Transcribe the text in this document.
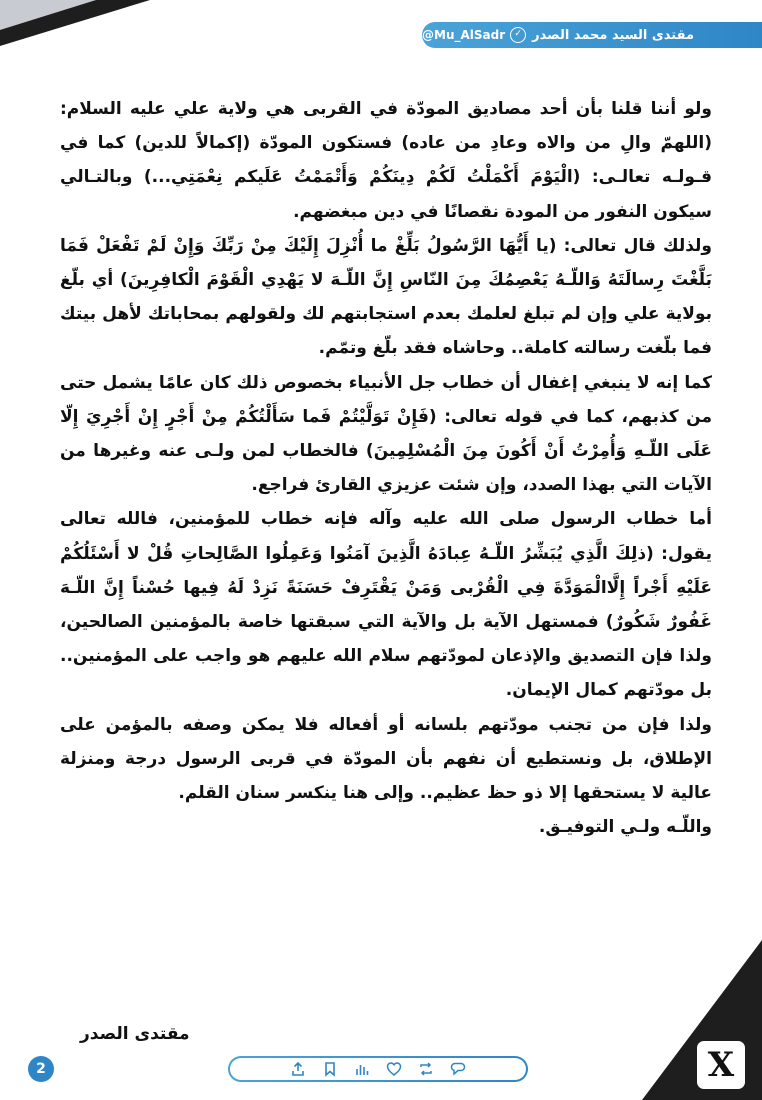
مقتدى السيد محمد الصدر
✓
@Mu_AlSadr

ولو أننا قلنا بأن أحد مصاديق المودّة في القربى هي ولاية علي عليه السلام: (اللهمّ والِ من والاه وعادِ من عاده) فستكون المودّة (إكمالاً للدين) كما في قـولـه تعالـى: (الْيَوْمَ أَكْمَلْتُ لَكُمْ دِينَكُمْ وَأَتْمَمْتُ عَلَيكم نِعْمَتِي...) وبالتـالي سيكون النفور من المودة نقصانًا في دين مبغضهم.

ولذلك قال تعالى: (يا أَيُّهَا الرَّسُولُ بَلِّغْ ما أُنْزِلَ إِلَيْكَ مِنْ رَبِّكَ وَإِنْ لَمْ تَفْعَلْ فَمَا بَلَّغْتَ رِسالَتَهُ وَاللّـهُ يَعْصِمُكَ مِنَ النّاسِ إِنَّ اللّـهَ لا يَهْدِي الْقَوْمَ الْكافِرِينَ) أي بلّغ بولاية علي وإن لم تبلغ لعلمك بعدم استجابتهم لك ولقولهم بمحاباتك لأهل بيتك فما بلّغت رسالته كاملة.. وحاشاه فقد بلّغ وتمّم.

كما إنه لا ينبغي إغفال أن خطاب جل الأنبياء بخصوص ذلك كان عامًا يشمل حتى من كذبهم، كما في قوله تعالى: (فَإِنْ تَوَلَّيْتُمْ فَما سَأَلْتُكُمْ مِنْ أَجْرٍ إِنْ أَجْرِيَ إِلّا عَلَى اللّـهِ وَأُمِرْتُ أَنْ أَكُونَ مِنَ الْمُسْلِمِينَ) فالخطاب لمن ولـى عنه وغيرها من الآيات التي بهذا الصدد، وإن شئت عزيزي القارئ فراجع.

أما خطاب الرسول صلى الله عليه وآله فإنه خطاب للمؤمنين، فالله تعالى يقول: (ذلِكَ الَّذِي يُبَشِّرُ اللّـهُ عِبادَهُ الَّذِينَ آمَنُوا وَعَمِلُوا الصَّالِحاتِ قُلْ لا أَسْئَلُكُمْ عَلَيْهِ أَجْراً إِلَّاالْمَوَدَّةَ فِي الْقُرْبى وَمَنْ يَقْتَرِفْ حَسَنَةً نَزِدْ لَهُ فِيها حُسْناً إِنَّ اللّـهَ غَفُورٌ شَكُورٌ) فمستهل الآية بل والآية التي سبقتها خاصة بالمؤمنين الصالحين، ولذا فإن التصديق والإذعان لمودّتهم سلام الله عليهم هو واجب على المؤمنين.. بل مودّتهم كمال الإيمان.

ولذا فإن من تجنب مودّتهم بلسانه أو أفعاله فلا يمكن وصفه بالمؤمن على الإطلاق، بل ونستطيع أن نفهم بأن المودّة في قربى الرسول درجة ومنزلة عالية لا يستحقها إلا ذو حظ عظيم.. وإلى هنا ينكسر سنان القلم.

واللّـه ولـي التوفيـق.

مقتدى الصدر
2	X
